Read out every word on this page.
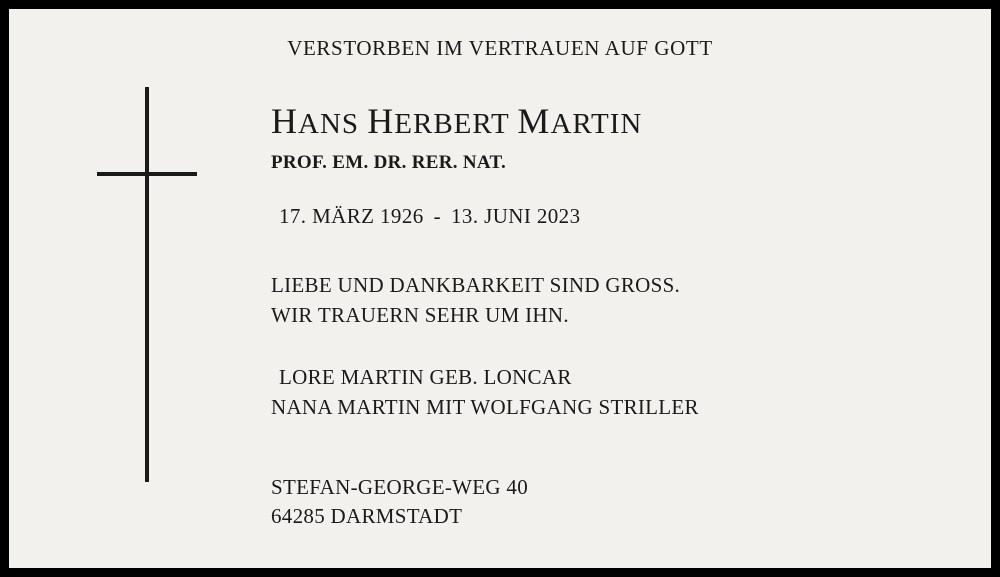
VERSTORBEN IM VERTRAUEN AUF GOTT
HANS HERBERT MARTIN
PROF. EM. DR. RER. NAT.
17. MÄRZ 1926 - 13. JUNI 2023
LIEBE UND DANKBARKEIT SIND GROSS.
WIR TRAUERN SEHR UM IHN.
LORE MARTIN GEB. LONCAR
NANA MARTIN MIT WOLFGANG STRILLER
STEFAN-GEORGE-WEG 40
64285 DARMSTADT
